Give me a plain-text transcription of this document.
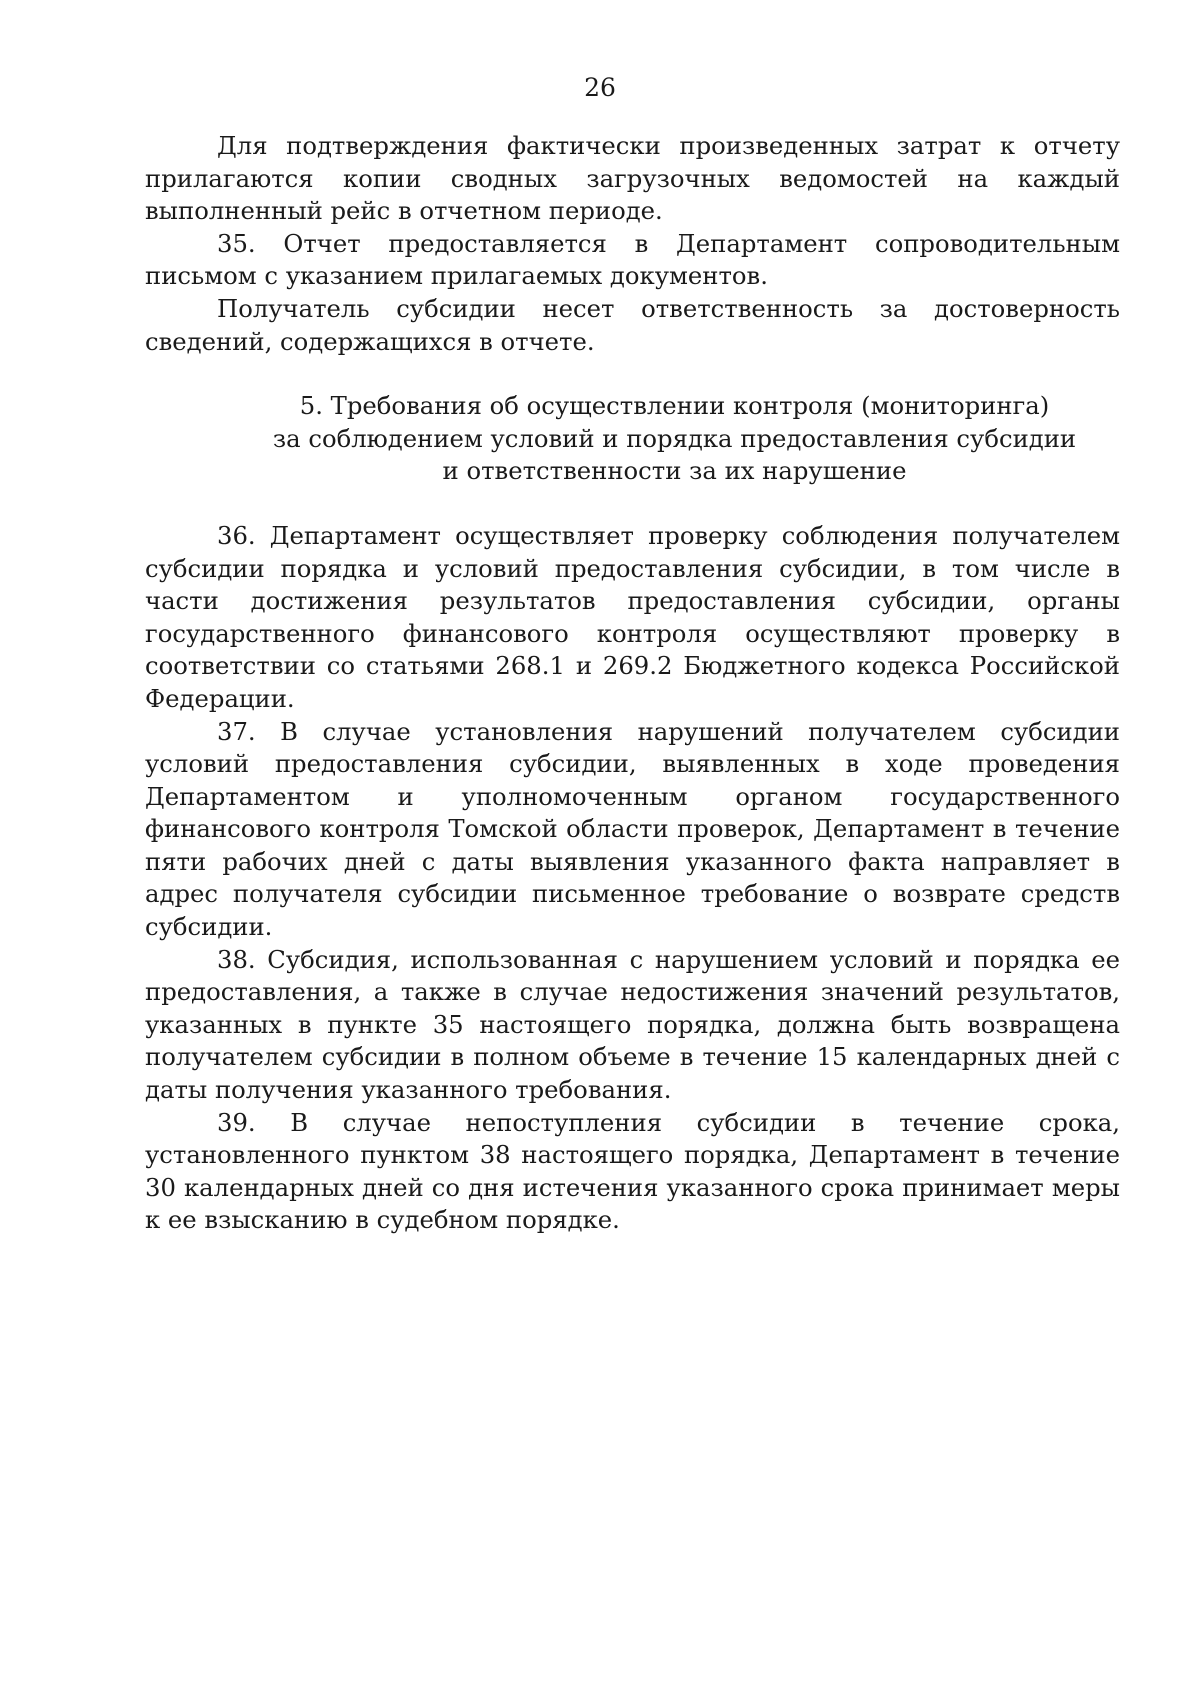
26

Для подтверждения фактически произведенных затрат к отчету прилагаются копии сводных загрузочных ведомостей на каждый выполненный рейс в отчетном периоде.

35. Отчет предоставляется в Департамент сопроводительным письмом с указанием прилагаемых документов.

Получатель субсидии несет ответственность за достоверность сведений, содержащихся в отчете.

5. Требования об осуществлении контроля (мониторинга)
за соблюдением условий и порядка предоставления субсидии
и ответственности за их нарушение

36. Департамент осуществляет проверку соблюдения получателем субсидии порядка и условий предоставления субсидии, в том числе в части достижения результатов предоставления субсидии, органы государственного финансового контроля осуществляют проверку в соответствии со статьями 268.1 и 269.2 Бюджетного кодекса Российской Федерации.

37. В случае установления нарушений получателем субсидии условий предоставления субсидии, выявленных в ходе проведения Департаментом и уполномоченным органом государственного финансового контроля Томской области проверок, Департамент в течение пяти рабочих дней с даты выявления указанного факта направляет в адрес получателя субсидии письменное требование о возврате средств субсидии.

38. Субсидия, использованная с нарушением условий и порядка ее предоставления, а также в случае недостижения значений результатов, указанных в пункте 35 настоящего порядка, должна быть возвращена получателем субсидии в полном объеме в течение 15 календарных дней с даты получения указанного требования.

39. В случае непоступления субсидии в течение срока, установленного пунктом 38 настоящего порядка, Департамент в течение 30 календарных дней со дня истечения указанного срока принимает меры к ее взысканию в судебном порядке.
